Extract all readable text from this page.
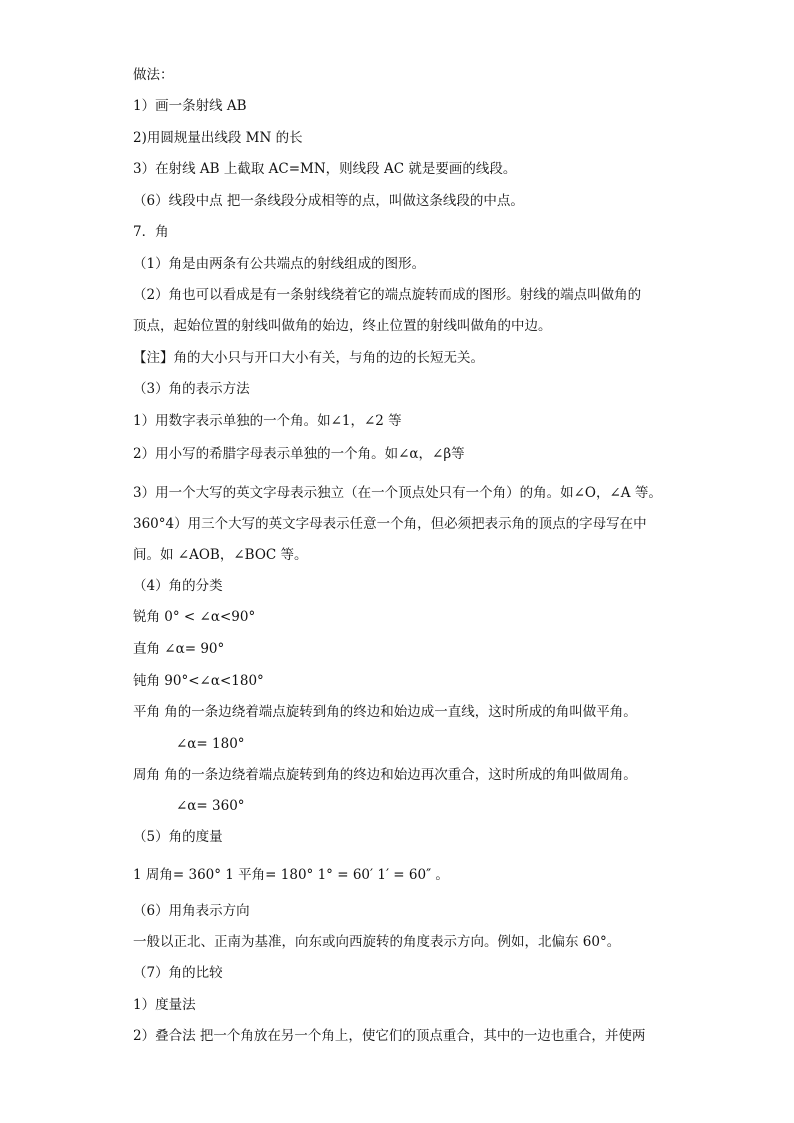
做法：
1）画一条射线 AB
2)用圆规量出线段 MN 的长
3）在射线 AB 上截取 AC=MN，则线段 AC 就是要画的线段。
（6）线段中点 把一条线段分成相等的点，叫做这条线段的中点。
7．角
（1）角是由两条有公共端点的射线组成的图形。
（2）角也可以看成是有一条射线绕着它的端点旋转而成的图形。射线的端点叫做角的
顶点，起始位置的射线叫做角的始边，终止位置的射线叫做角的中边。
【注】角的大小只与开口大小有关，与角的边的长短无关。
（3）角的表示方法
1）用数字表示单独的一个角。如∠1，∠2 等
2）用小写的希腊字母表示单独的一个角。如∠α，∠β等
3）用一个大写的英文字母表示独立（在一个顶点处只有一个角）的角。如∠O，∠A 等。
360°4）用三个大写的英文字母表示任意一个角，但必须把表示角的顶点的字母写在中
间。如 ∠AOB，∠BOC 等。
（4）角的分类
锐角 0° < ∠α<90°
直角 ∠α= 90°
钝角 90°<∠α<180°
平角 角的一条边绕着端点旋转到角的终边和始边成一直线，这时所成的角叫做平角。
∠α= 180°
周角 角的一条边绕着端点旋转到角的终边和始边再次重合，这时所成的角叫做周角。
∠α= 360°
（5）角的度量
1 周角= 360° 1 平角= 180° 1° = 60′ 1′ = 60″ 。
（6）用角表示方向
一般以正北、正南为基准，向东或向西旋转的角度表示方向。例如，北偏东 60°。
（7）角的比较
1）度量法
2）叠合法 把一个角放在另一个角上，使它们的顶点重合，其中的一边也重合，并使两
